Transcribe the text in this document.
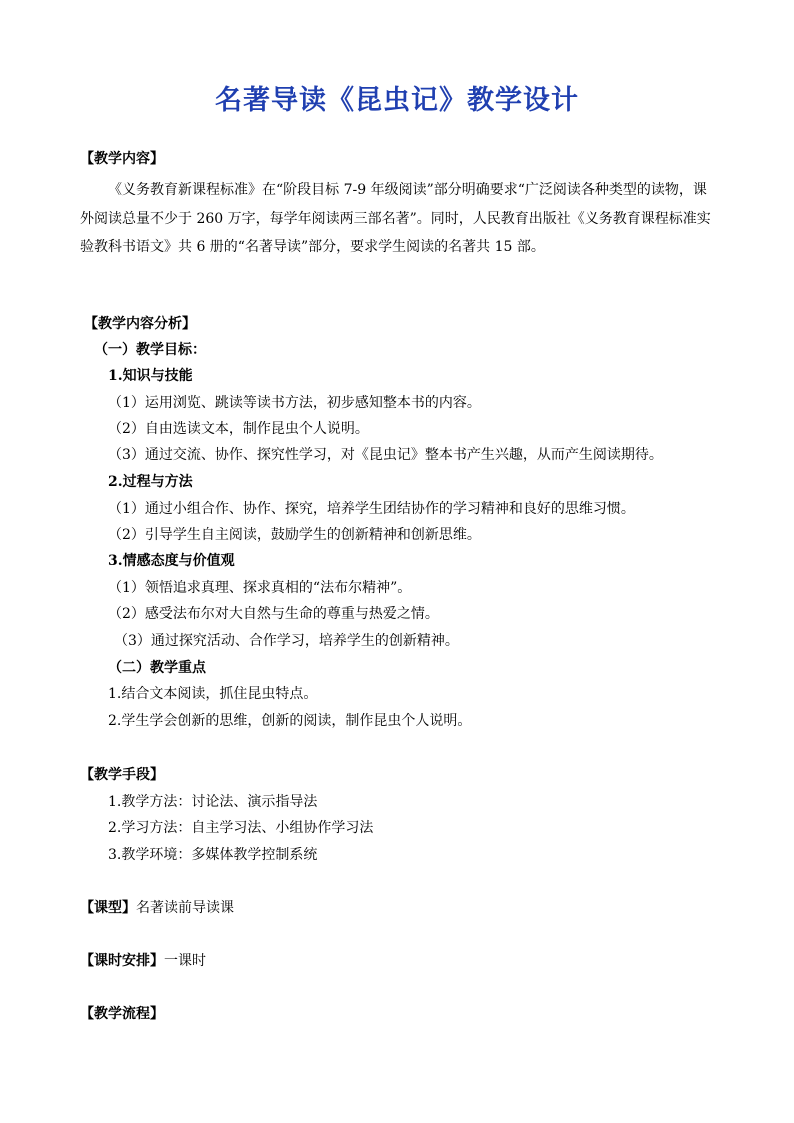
名著导读《昆虫记》教学设计
【教学内容】
《义务教育新课程标准》在“阶段目标 7-9 年级阅读”部分明确要求“广泛阅读各种类型的读物，课外阅读总量不少于 260 万字，每学年阅读两三部名著”。同时，人民教育出版社《义务教育课程标准实验教科书语文》共 6 册的“名著导读”部分，要求学生阅读的名著共 15 部。
【教学内容分析】
（一）教学目标：
1.知识与技能
（1）运用浏览、跳读等读书方法，初步感知整本书的内容。
（2）自由选读文本，制作昆虫个人说明。
（3）通过交流、协作、探究性学习，对《昆虫记》整本书产生兴趣，从而产生阅读期待。
2.过程与方法
（1）通过小组合作、协作、探究，培养学生团结协作的学习精神和良好的思维习惯。
（2）引导学生自主阅读，鼓励学生的创新精神和创新思维。
3.情感态度与价值观
（1）领悟追求真理、探求真相的“法布尔精神”。
（2）感受法布尔对大自然与生命的尊重与热爱之情。
（3）通过探究活动、合作学习，培养学生的创新精神。
（二）教学重点
1.结合文本阅读，抓住昆虫特点。
2.学生学会创新的思维，创新的阅读，制作昆虫个人说明。
【教学手段】
1.教学方法：讨论法、演示指导法
2.学习方法：自主学习法、小组协作学习法
3.教学环境：多媒体教学控制系统
【课型】名著读前导读课
【课时安排】一课时
【教学流程】
